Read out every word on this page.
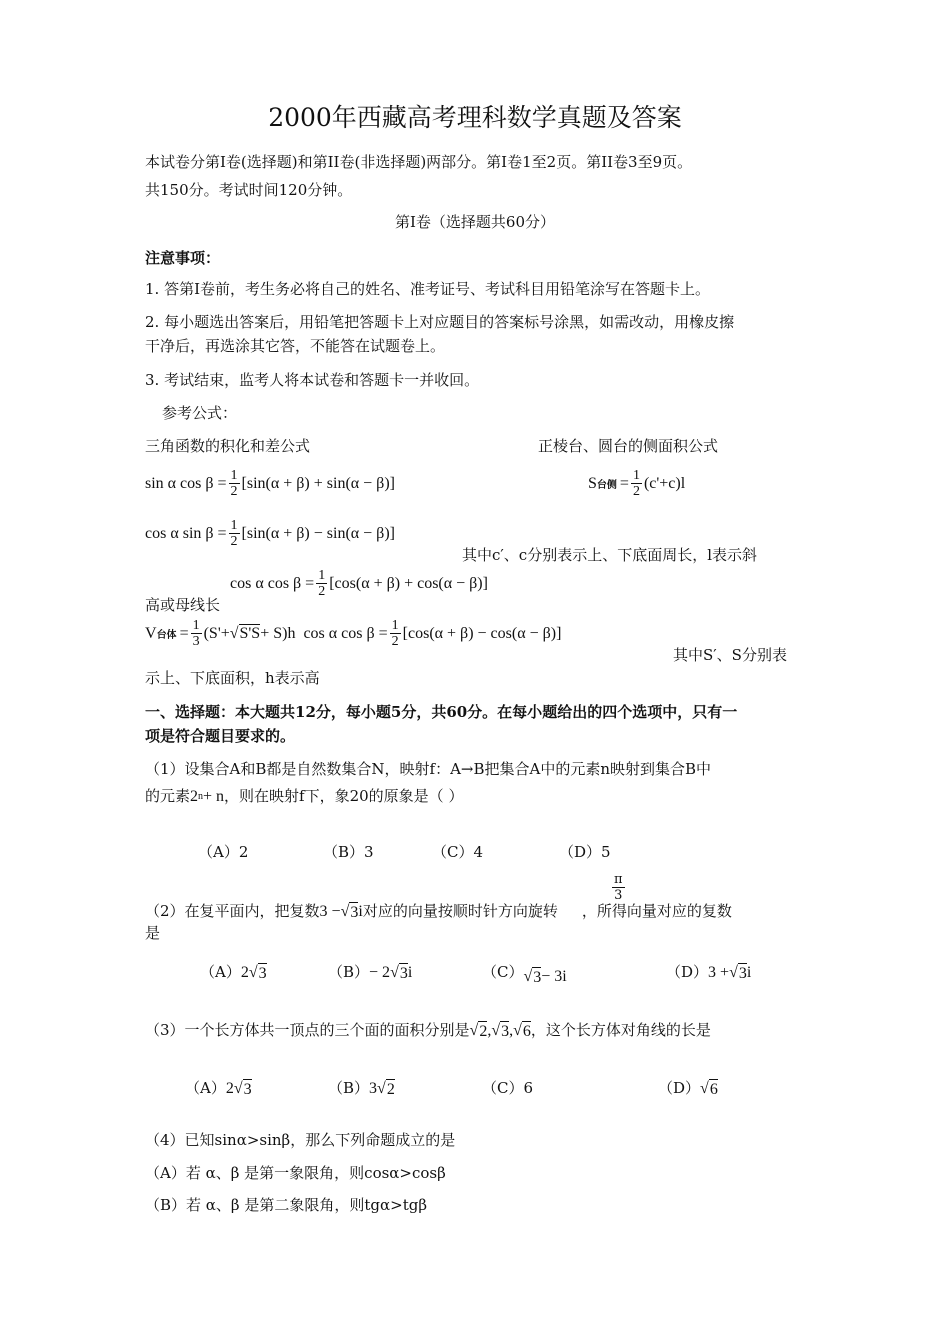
2000年西藏高考理科数学真题及答案
本试卷分第Ⅰ卷(选择题)和第II卷(非选择题)两部分。第Ⅰ卷1至2页。第II卷3至9页。
共150分。考试时间120分钟。
第Ⅰ卷（选择题共60分）
注意事项：
1. 答第Ⅰ卷前，考生务必将自己的姓名、准考证号、考试科目用铅笔涂写在答题卡上。
2. 每小题选出答案后，用铅笔把答题卡上对应题目的答案标号涂黑，如需改动，用橡皮擦
干净后，再选涂其它答，不能答在试题卷上。
3. 考试结束，监考人将本试卷和答题卡一并收回。
参考公式：
三角函数的积化和差公式	正棱台、圆台的侧面积公式
sin α $\cos \beta = \frac{1}{2} [\sin(\alpha + \beta) + \sin(\alpha - \beta)]$	S 台侧 = $\frac{1}{2} (c'+c)l$
cos α $\sin \beta = \frac{1}{2} [\sin(\alpha + \beta) - \sin(\alpha - \beta)]$
其中c′、c分别表示上、下底面周长，l表示斜
cos α $\cos \beta = \frac{1}{2} [\cos(\alpha + \beta) + \cos(\alpha - \beta)]$
高或母线长
V 台体 = $\frac{1}{3} (S'+$ √ S'S + S)h cos α $\cos \beta = \frac{1}{2} [\cos(\alpha + \beta) - \cos(\alpha - \beta)]$
其中S′、S分别表
示上、下底面积，h表示高
一、选择题：本大题共12分，每小题5分，共60分。在每小题给出的四个选项中，只有一
项是符合题目要求的。
（1）设集合A和B都是自然数集合N，映射f：A→B把集合A中的元素n映射到集合B中
的元素 2 n + n ，则在映射f下，象20的原象是（ ）
（A）2	（B）3	（C）4	（D）5
$\frac{\pi}{3}$
（2）在复平面内，把复数 3 − √ 3 i 对应的向量按顺时针方向旋转 ，所得向量对应的复数
是
（A） 2 √ 3	（B） − 2 √ 3 i	（C） √ 3 − 3i	（D） 3 + √ 3 i
（3）一个长方体共一顶点的三个面的面积分别是 √ 2 , √ 3 , √ 6 ，这个长方体对角线的长是
（A） 2 √ 3	（B） 3 √ 2	（C）6	（D） √ 6
（4）已知sinα>sinβ，那么下列命题成立的是
（A）若 α、β 是第一象限角，则cosα>cosβ
（B）若 α、β 是第二象限角，则tgα>tgβ
